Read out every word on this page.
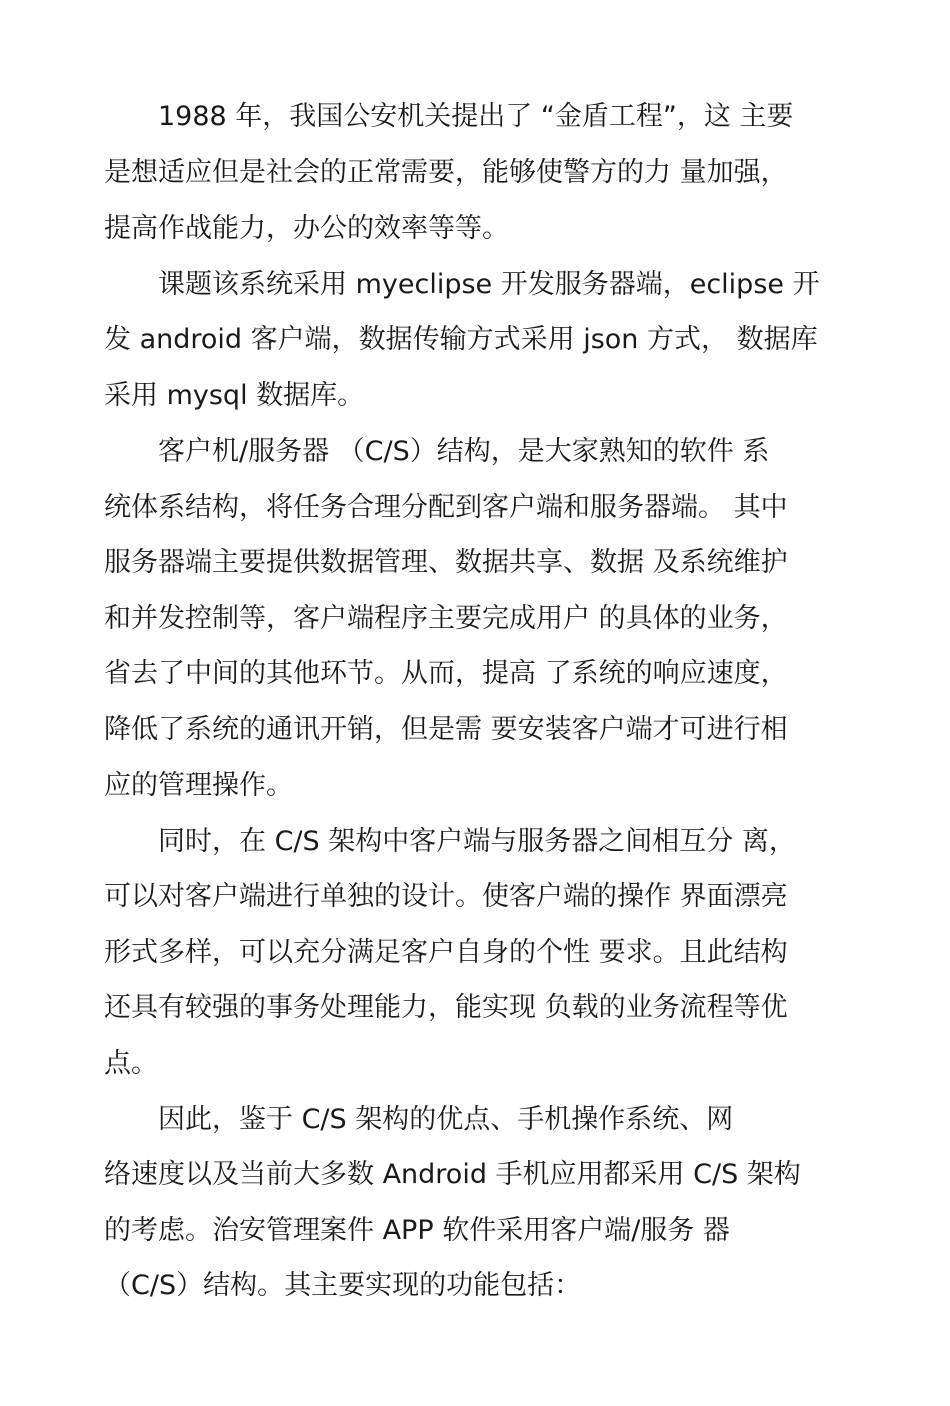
　　1988 年，我国公安机关提出了 “金盾工程”，这 主要
是想适应但是社会的正常需要，能够使警方的力 量加强，
提高作战能力，办公的效率等等。
　　课题该系统采用 myeclipse 开发服务器端，eclipse 开
发 android 客户端，数据传输方式采用 json 方式， 数据库
采用 mysql 数据库。
　　客户机/服务器 （C/S）结构，是大家熟知的软件 系
统体系结构，将任务合理分配到客户端和服务器端。 其中
服务器端主要提供数据管理、数据共享、数据 及系统维护
和并发控制等，客户端程序主要完成用户 的具体的业务，
省去了中间的其他环节。从而，提高 了系统的响应速度，
降低了系统的通讯开销，但是需 要安装客户端才可进行相
应的管理操作。
　　同时，在 C/S 架构中客户端与服务器之间相互分 离，
可以对客户端进行单独的设计。使客户端的操作 界面漂亮
形式多样，可以充分满足客户自身的个性 要求。且此结构
还具有较强的事务处理能力，能实现 负载的业务流程等优
点。
　　因此，鉴于 C/S 架构的优点、手机操作系统、网
络速度以及当前大多数 Android 手机应用都采用 C/S 架构
的考虑。治安管理案件 APP 软件采用客户端/服务 器
（C/S）结构。其主要实现的功能包括：
